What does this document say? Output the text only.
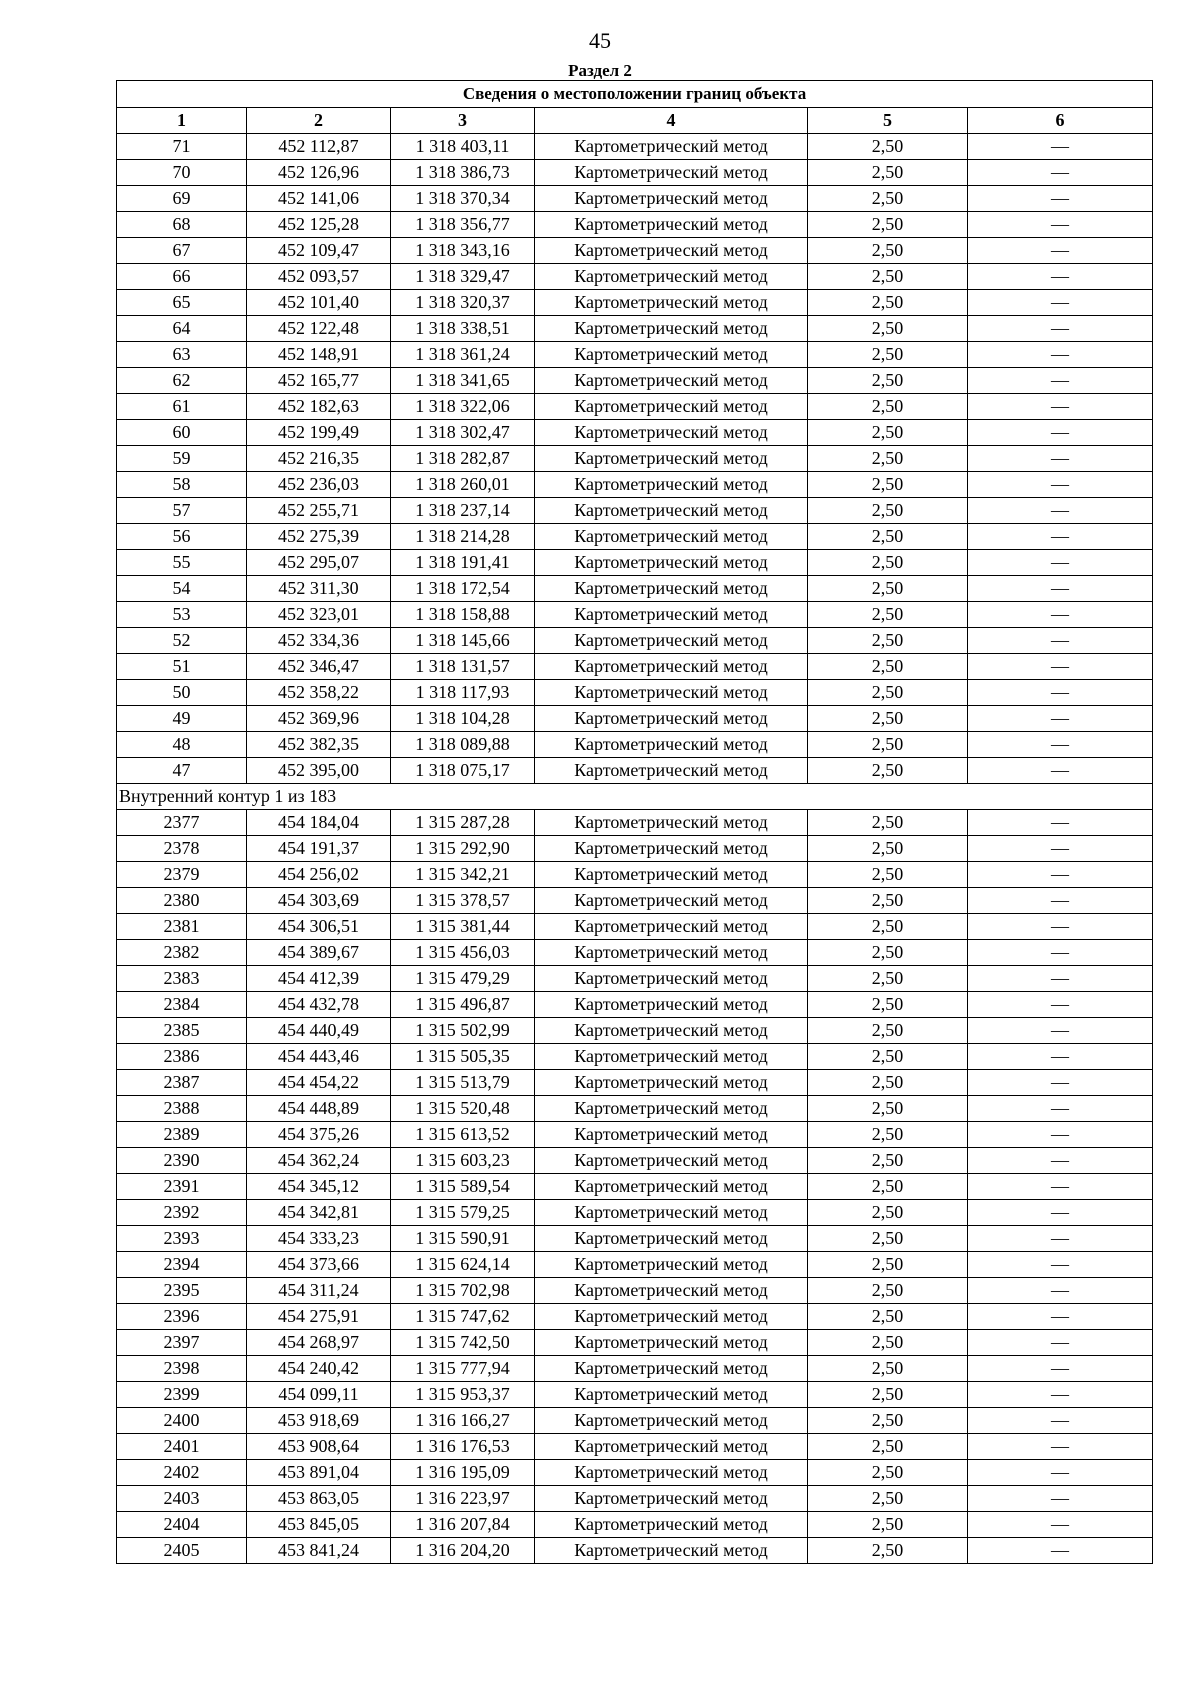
45
Раздел 2
Сведения о местоположении границ объекта					
1	2	3	4	5	6
71	452 112,87	1 318 403,11	Картометрический метод	2,50	—
70	452 126,96	1 318 386,73	Картометрический метод	2,50	—
69	452 141,06	1 318 370,34	Картометрический метод	2,50	—
68	452 125,28	1 318 356,77	Картометрический метод	2,50	—
67	452 109,47	1 318 343,16	Картометрический метод	2,50	—
66	452 093,57	1 318 329,47	Картометрический метод	2,50	—
65	452 101,40	1 318 320,37	Картометрический метод	2,50	—
64	452 122,48	1 318 338,51	Картометрический метод	2,50	—
63	452 148,91	1 318 361,24	Картометрический метод	2,50	—
62	452 165,77	1 318 341,65	Картометрический метод	2,50	—
61	452 182,63	1 318 322,06	Картометрический метод	2,50	—
60	452 199,49	1 318 302,47	Картометрический метод	2,50	—
59	452 216,35	1 318 282,87	Картометрический метод	2,50	—
58	452 236,03	1 318 260,01	Картометрический метод	2,50	—
57	452 255,71	1 318 237,14	Картометрический метод	2,50	—
56	452 275,39	1 318 214,28	Картометрический метод	2,50	—
55	452 295,07	1 318 191,41	Картометрический метод	2,50	—
54	452 311,30	1 318 172,54	Картометрический метод	2,50	—
53	452 323,01	1 318 158,88	Картометрический метод	2,50	—
52	452 334,36	1 318 145,66	Картометрический метод	2,50	—
51	452 346,47	1 318 131,57	Картометрический метод	2,50	—
50	452 358,22	1 318 117,93	Картометрический метод	2,50	—
49	452 369,96	1 318 104,28	Картометрический метод	2,50	—
48	452 382,35	1 318 089,88	Картометрический метод	2,50	—
47	452 395,00	1 318 075,17	Картометрический метод	2,50	—
Внутренний контур 1 из 183					
2377	454 184,04	1 315 287,28	Картометрический метод	2,50	—
2378	454 191,37	1 315 292,90	Картометрический метод	2,50	—
2379	454 256,02	1 315 342,21	Картометрический метод	2,50	—
2380	454 303,69	1 315 378,57	Картометрический метод	2,50	—
2381	454 306,51	1 315 381,44	Картометрический метод	2,50	—
2382	454 389,67	1 315 456,03	Картометрический метод	2,50	—
2383	454 412,39	1 315 479,29	Картометрический метод	2,50	—
2384	454 432,78	1 315 496,87	Картометрический метод	2,50	—
2385	454 440,49	1 315 502,99	Картометрический метод	2,50	—
2386	454 443,46	1 315 505,35	Картометрический метод	2,50	—
2387	454 454,22	1 315 513,79	Картометрический метод	2,50	—
2388	454 448,89	1 315 520,48	Картометрический метод	2,50	—
2389	454 375,26	1 315 613,52	Картометрический метод	2,50	—
2390	454 362,24	1 315 603,23	Картометрический метод	2,50	—
2391	454 345,12	1 315 589,54	Картометрический метод	2,50	—
2392	454 342,81	1 315 579,25	Картометрический метод	2,50	—
2393	454 333,23	1 315 590,91	Картометрический метод	2,50	—
2394	454 373,66	1 315 624,14	Картометрический метод	2,50	—
2395	454 311,24	1 315 702,98	Картометрический метод	2,50	—
2396	454 275,91	1 315 747,62	Картометрический метод	2,50	—
2397	454 268,97	1 315 742,50	Картометрический метод	2,50	—
2398	454 240,42	1 315 777,94	Картометрический метод	2,50	—
2399	454 099,11	1 315 953,37	Картометрический метод	2,50	—
2400	453 918,69	1 316 166,27	Картометрический метод	2,50	—
2401	453 908,64	1 316 176,53	Картометрический метод	2,50	—
2402	453 891,04	1 316 195,09	Картометрический метод	2,50	—
2403	453 863,05	1 316 223,97	Картометрический метод	2,50	—
2404	453 845,05	1 316 207,84	Картометрический метод	2,50	—
2405	453 841,24	1 316 204,20	Картометрический метод	2,50	—
